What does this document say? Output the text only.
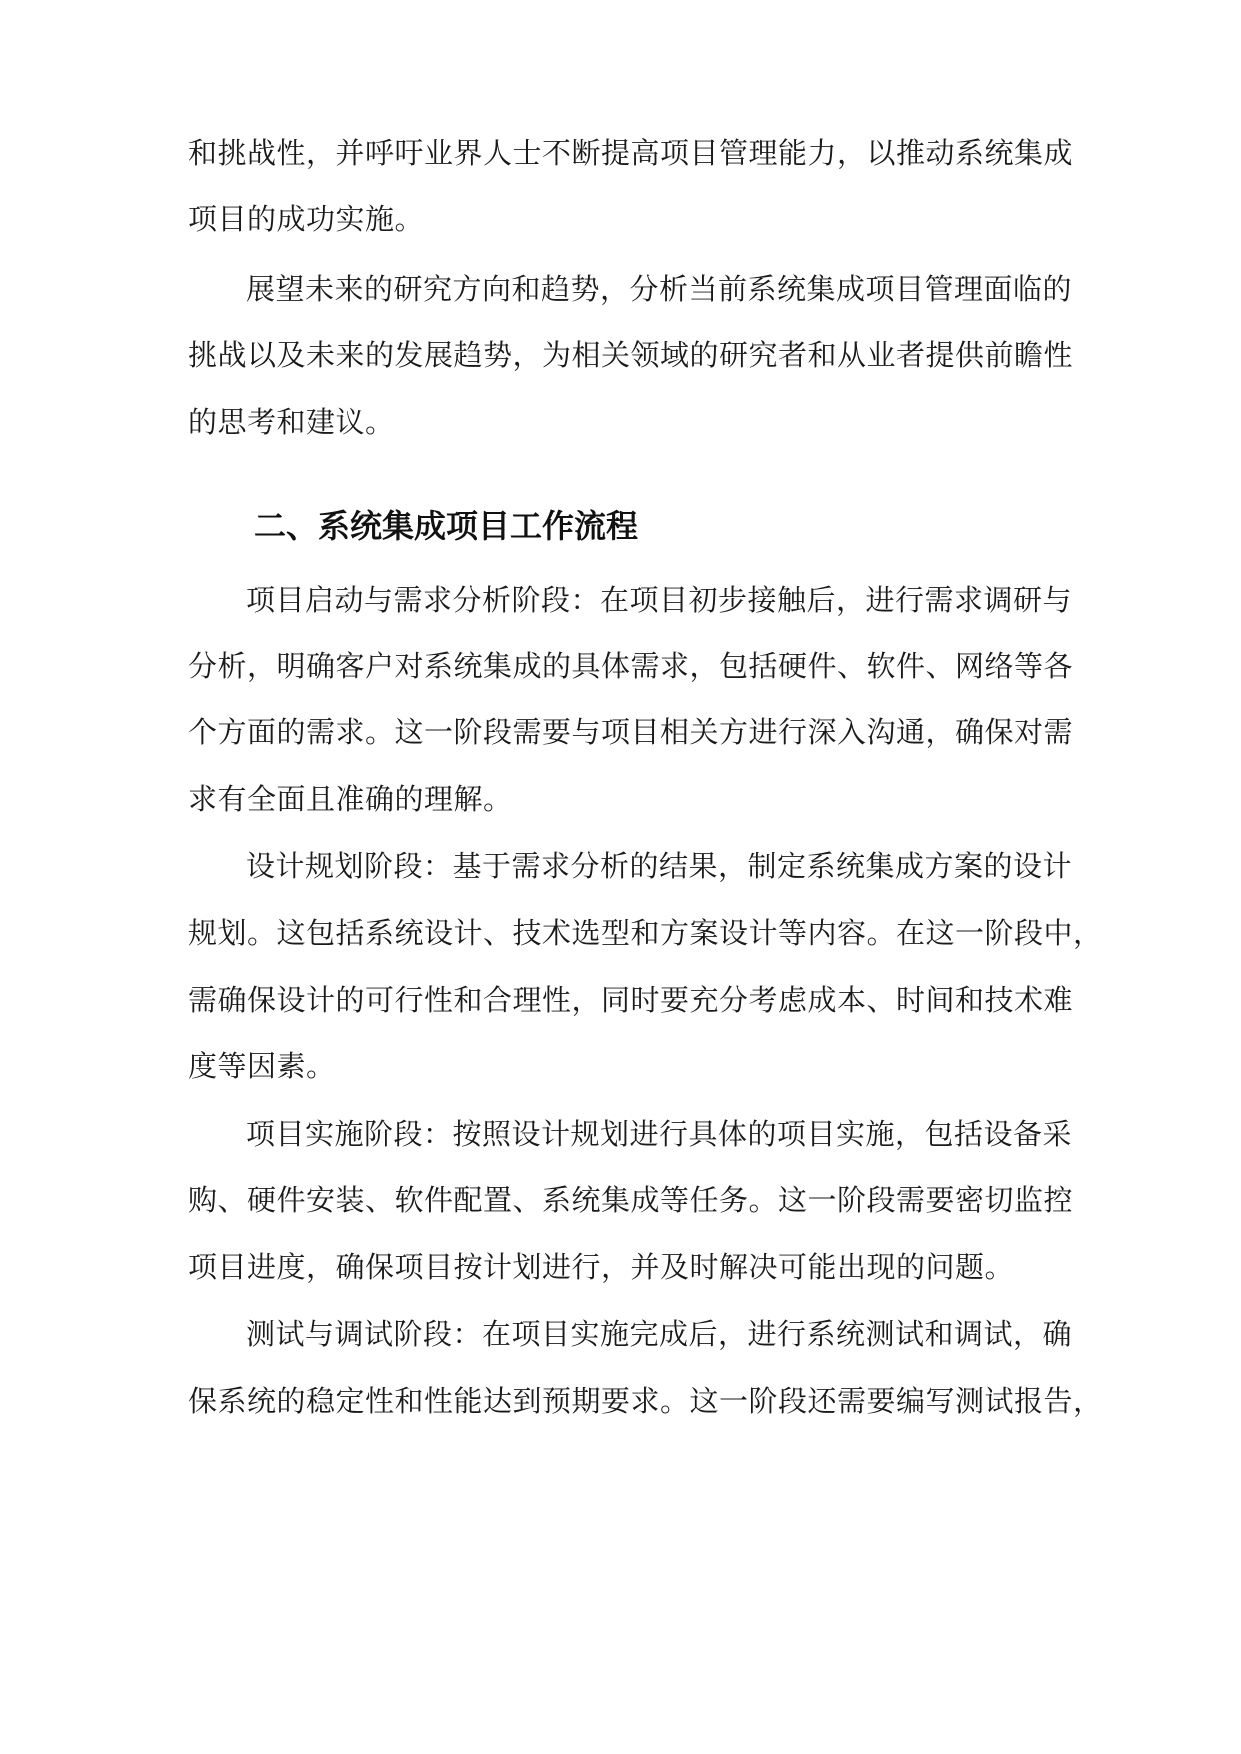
和挑战性，并呼吁业界人士不断提高项目管理能力，以推动系统集成
项目的成功实施。
展望未来的研究方向和趋势，分析当前系统集成项目管理面临的
挑战以及未来的发展趋势，为相关领域的研究者和从业者提供前瞻性
的思考和建议。
二、系统集成项目工作流程
项目启动与需求分析阶段：在项目初步接触后，进行需求调研与
分析，明确客户对系统集成的具体需求，包括硬件、软件、网络等各
个方面的需求。这一阶段需要与项目相关方进行深入沟通，确保对需
求有全面且准确的理解。
设计规划阶段：基于需求分析的结果，制定系统集成方案的设计
规划。这包括系统设计、技术选型和方案设计等内容。在这一阶段中，
需确保设计的可行性和合理性，同时要充分考虑成本、时间和技术难
度等因素。
项目实施阶段：按照设计规划进行具体的项目实施，包括设备采
购、硬件安装、软件配置、系统集成等任务。这一阶段需要密切监控
项目进度，确保项目按计划进行，并及时解决可能出现的问题。
测试与调试阶段：在项目实施完成后，进行系统测试和调试，确
保系统的稳定性和性能达到预期要求。这一阶段还需要编写测试报告，
